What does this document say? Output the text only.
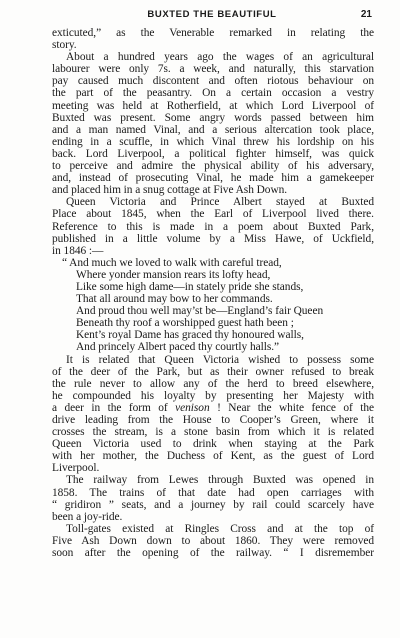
BUXTED THE BEAUTIFUL	21
exticuted,” as the Venerable remarked in relating the
story.
About a hundred years ago the wages of an agricultural
labourer were only 7s. a week, and naturally, this starvation
pay caused much discontent and often riotous behaviour on
the part of the peasantry. On a certain occasion a vestry
meeting was held at Rotherfield, at which Lord Liverpool of
Buxted was present. Some angry words passed between him
and a man named Vinal, and a serious altercation took place,
ending in a scuffle, in which Vinal threw his lordship on his
back. Lord Liverpool, a political fighter himself, was quick
to perceive and admire the physical ability of his adversary,
and, instead of prosecuting Vinal, he made him a gamekeeper
and placed him in a snug cottage at Five Ash Down.
Queen Victoria and Prince Albert stayed at Buxted
Place about 1845, when the Earl of Liverpool lived there.
Reference to this is made in a poem about Buxted Park,
published in a little volume by a Miss Hawe, of Uckfield,
in 1846 :—
“ And much we loved to walk with careful tread,
Where yonder mansion rears its lofty head,
Like some high dame—in stately pride she stands,
That all around may bow to her commands.
And proud thou well may’st be—England’s fair Queen
Beneath thy roof a worshipped guest hath been ;
Kent’s royal Dame has graced thy honoured walls,
And princely Albert paced thy courtly halls.”
It is related that Queen Victoria wished to possess some
of the deer of the Park, but as their owner refused to break
the rule never to allow any of the herd to breed elsewhere,
he compounded his loyalty by presenting her Majesty with
a deer in the form of venison ! Near the white fence of the
drive leading from the House to Cooper’s Green, where it
crosses the stream, is a stone basin from which it is related
Queen Victoria used to drink when staying at the Park
with her mother, the Duchess of Kent, as the guest of Lord
Liverpool.
The railway from Lewes through Buxted was opened in
1858. The trains of that date had open carriages with
“ gridiron ” seats, and a journey by rail could scarcely have
been a joy-ride.
Toll-gates existed at Ringles Cross and at the top of
Five Ash Down down to about 1860. They were removed
soon after the opening of the railway. “ I disremember
